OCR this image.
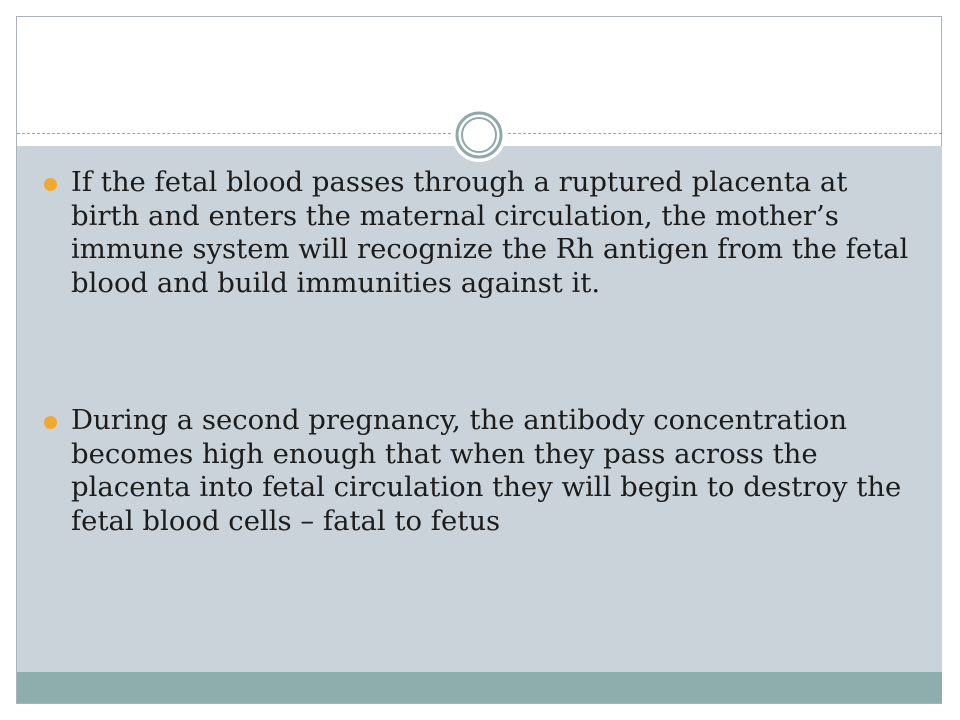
If the fetal blood passes through a ruptured placenta at birth and enters the maternal circulation, the mother’s immune system will recognize the Rh antigen from the fetal blood and build immunities against it.
During a second pregnancy, the antibody concentration becomes high enough that when they pass across the placenta into fetal circulation they will begin to destroy the fetal blood cells – fatal to fetus
